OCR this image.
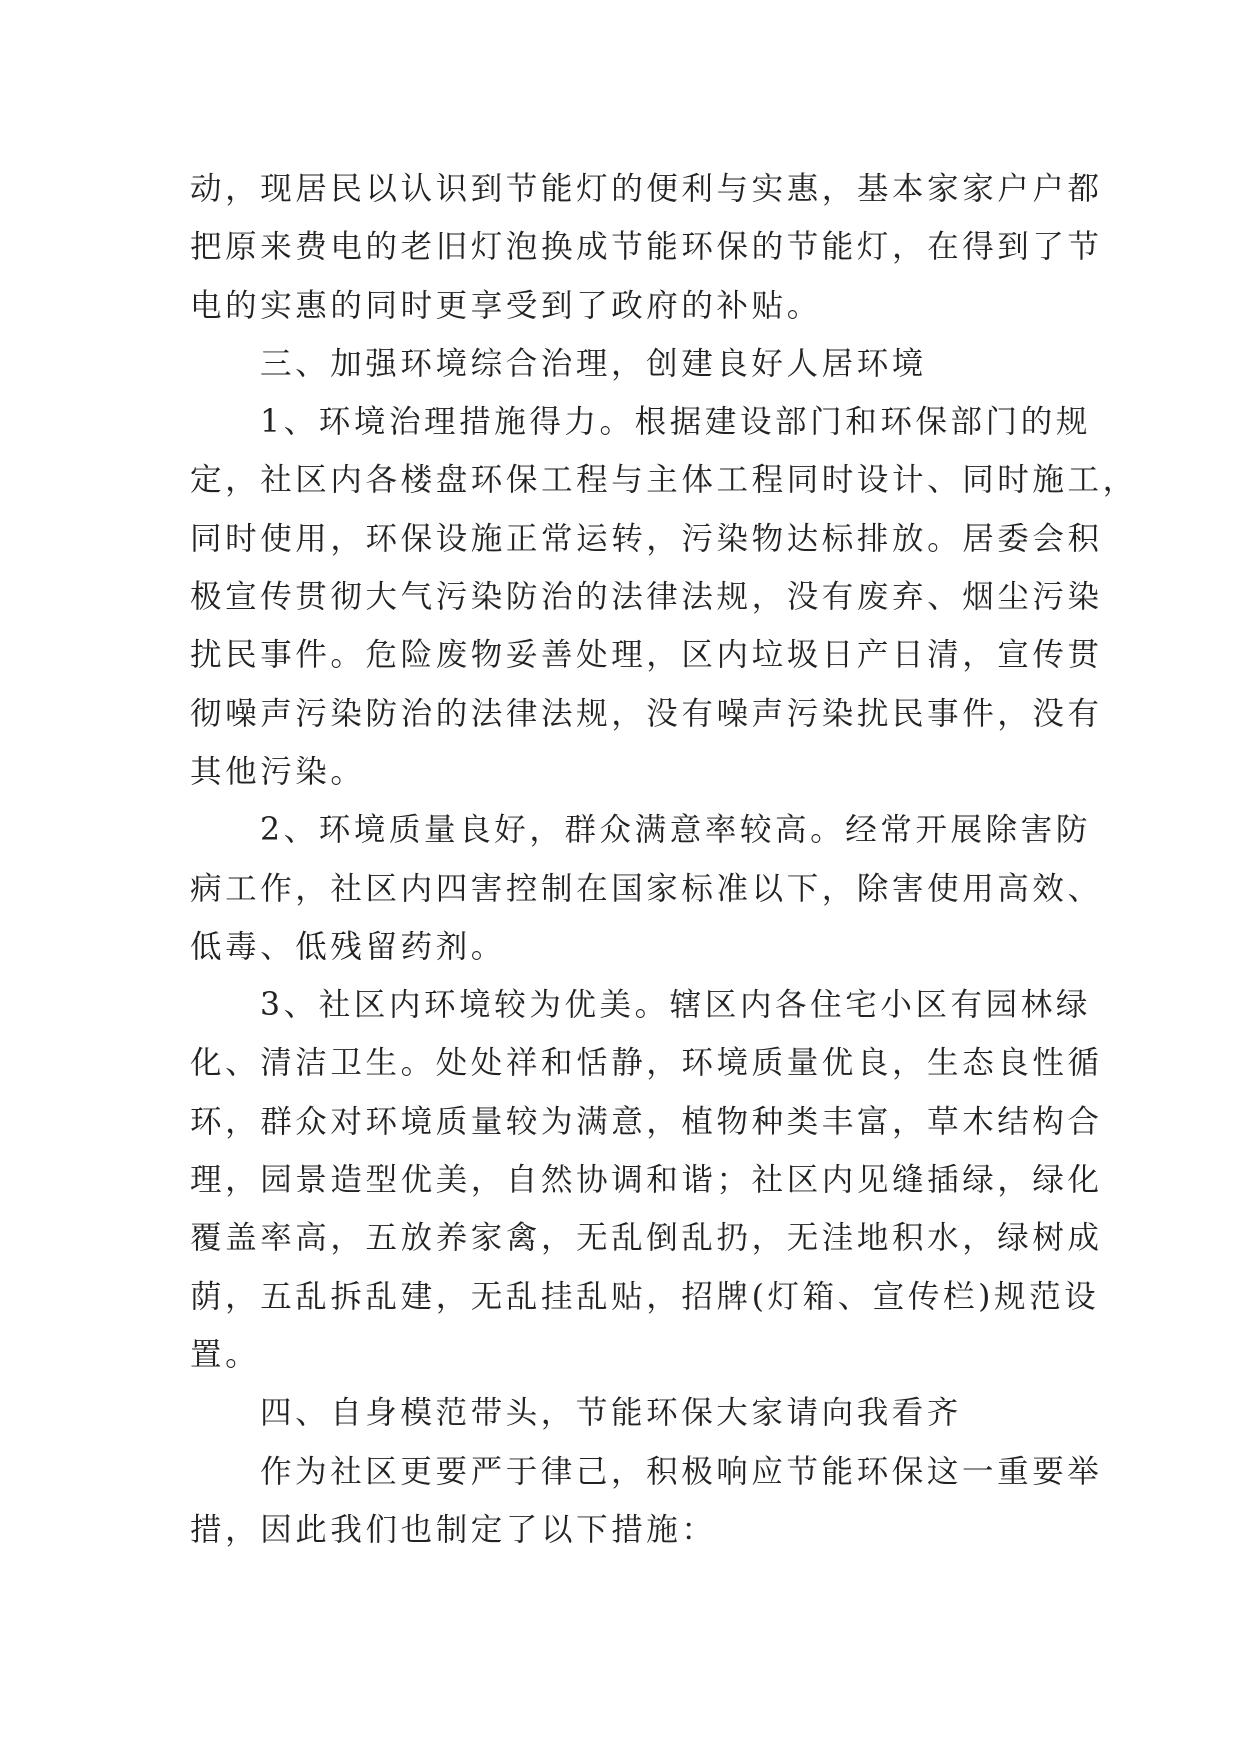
动，现居民以认识到节能灯的便利与实惠，基本家家户户都
把原来费电的老旧灯泡换成节能环保的节能灯，在得到了节
电的实惠的同时更享受到了政府的补贴。
三、加强环境综合治理，创建良好人居环境
1、环境治理措施得力。根据建设部门和环保部门的规
定，社区内各楼盘环保工程与主体工程同时设计、同时施工，
同时使用，环保设施正常运转，污染物达标排放。居委会积
极宣传贯彻大气污染防治的法律法规，没有废弃、烟尘污染
扰民事件。危险废物妥善处理，区内垃圾日产日清，宣传贯
彻噪声污染防治的法律法规，没有噪声污染扰民事件，没有
其他污染。
2、环境质量良好，群众满意率较高。经常开展除害防
病工作，社区内四害控制在国家标准以下，除害使用高效、
低毒、低残留药剂。
3、社区内环境较为优美。辖区内各住宅小区有园林绿
化、清洁卫生。处处祥和恬静，环境质量优良，生态良性循
环，群众对环境质量较为满意，植物种类丰富，草木结构合
理，园景造型优美，自然协调和谐；社区内见缝插绿，绿化
覆盖率高，五放养家禽，无乱倒乱扔，无洼地积水，绿树成
荫，五乱拆乱建，无乱挂乱贴，招牌(灯箱、宣传栏)规范设
置。
四、自身模范带头，节能环保大家请向我看齐
作为社区更要严于律己，积极响应节能环保这一重要举
措，因此我们也制定了以下措施：
